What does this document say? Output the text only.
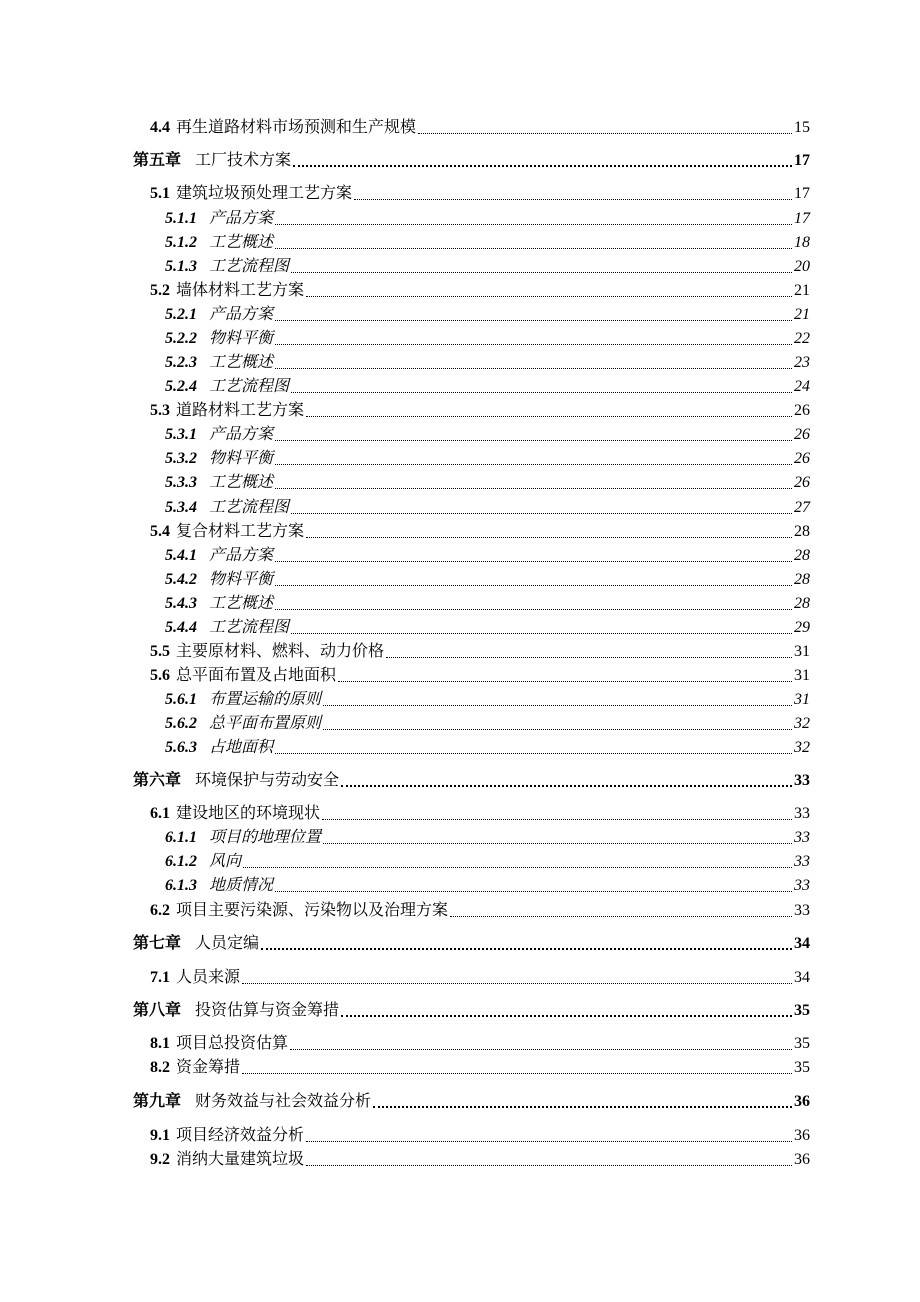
4.4 再生道路材料市场预测和生产规模	15
第五章 工厂技术方案	17
5.1 建筑垃圾预处理工艺方案	17
5.1.1 产品方案	17
5.1.2 工艺概述	18
5.1.3 工艺流程图	20
5.2 墙体材料工艺方案	21
5.2.1 产品方案	21
5.2.2 物料平衡	22
5.2.3 工艺概述	23
5.2.4 工艺流程图	24
5.3 道路材料工艺方案	26
5.3.1 产品方案	26
5.3.2 物料平衡	26
5.3.3 工艺概述	26
5.3.4 工艺流程图	27
5.4 复合材料工艺方案	28
5.4.1 产品方案	28
5.4.2 物料平衡	28
5.4.3 工艺概述	28
5.4.4 工艺流程图	29
5.5 主要原材料、燃料、动力价格	31
5.6 总平面布置及占地面积	31
5.6.1 布置运输的原则	31
5.6.2 总平面布置原则	32
5.6.3 占地面积	32
第六章 环境保护与劳动安全	33
6.1 建设地区的环境现状	33
6.1.1 项目的地理位置	33
6.1.2 风向	33
6.1.3 地质情况	33
6.2 项目主要污染源、污染物以及治理方案	33
第七章 人员定编	34
7.1 人员来源	34
第八章 投资估算与资金筹措	35
8.1 项目总投资估算	35
8.2 资金筹措	35
第九章 财务效益与社会效益分析	36
9.1 项目经济效益分析	36
9.2 消纳大量建筑垃圾	36
